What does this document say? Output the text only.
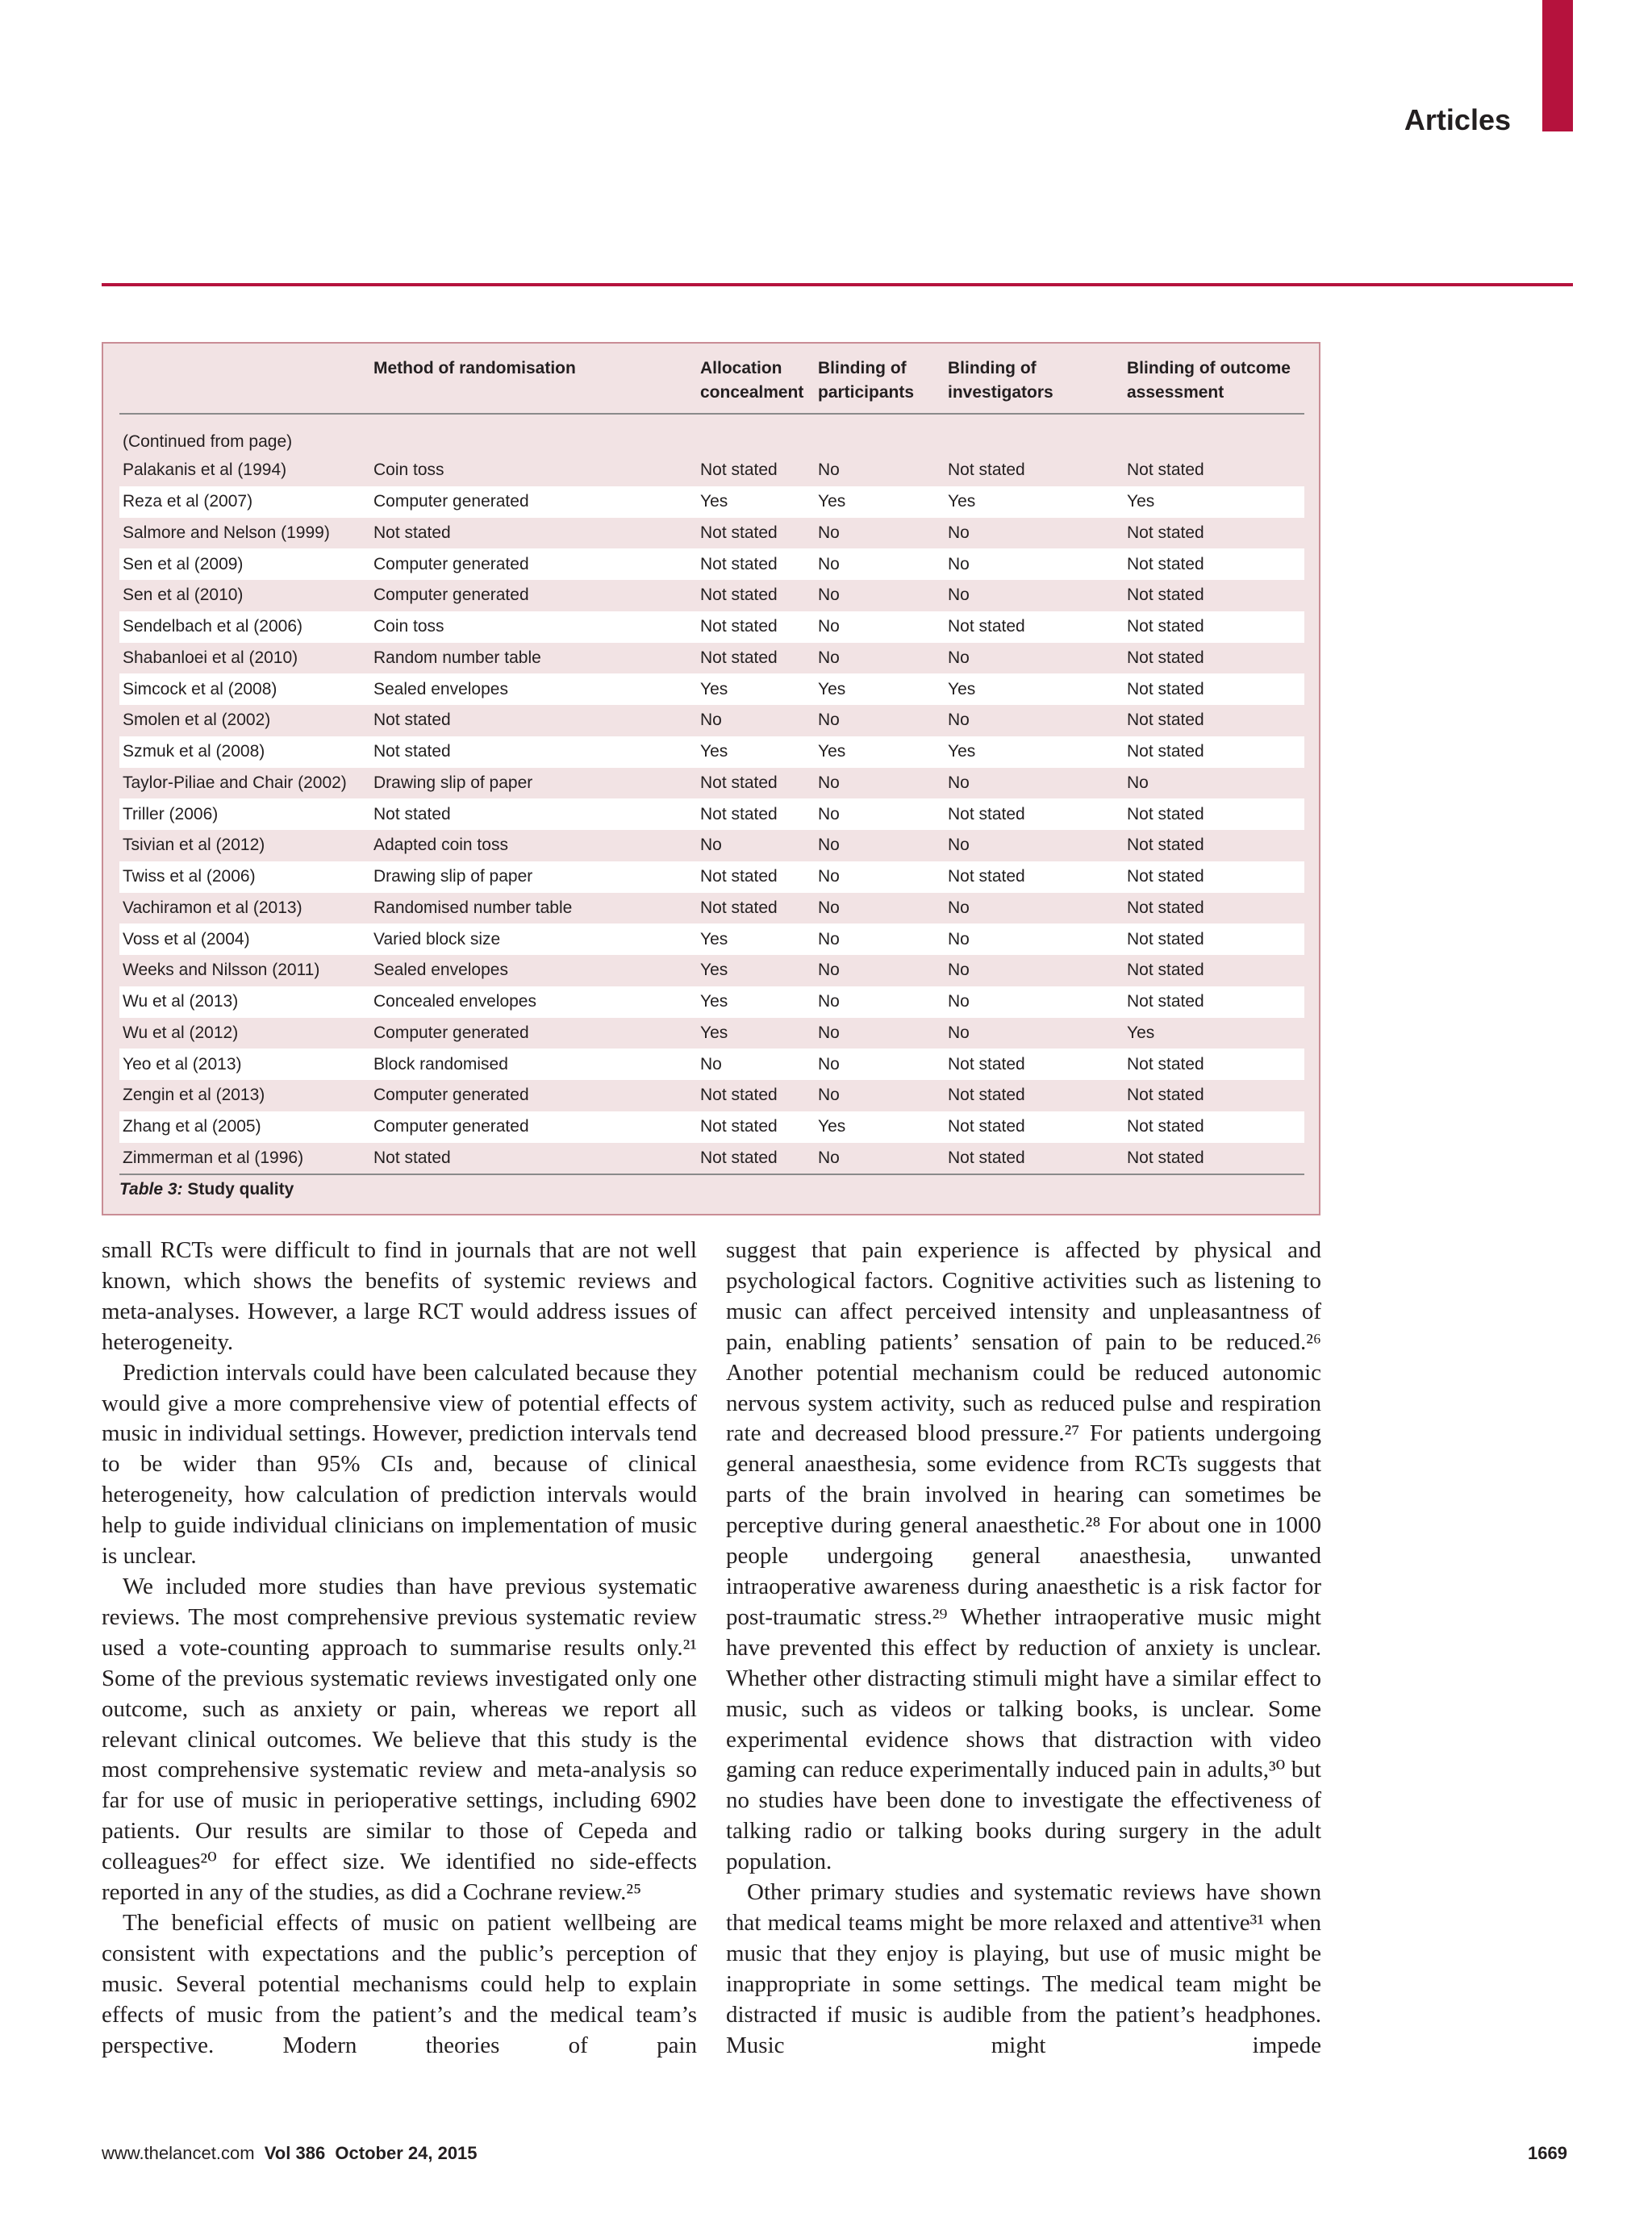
Articles
	Method of randomisation	Allocation concealment	Blinding of participants	Blinding of investigators	Blinding of outcome assessment
(Continued from page)					
Palakanis et al (1994)	Coin toss	Not stated	No	Not stated	Not stated
Reza et al (2007)	Computer generated	Yes	Yes	Yes	Yes
Salmore and Nelson (1999)	Not stated	Not stated	No	No	Not stated
Sen et al (2009)	Computer generated	Not stated	No	No	Not stated
Sen et al (2010)	Computer generated	Not stated	No	No	Not stated
Sendelbach et al (2006)	Coin toss	Not stated	No	Not stated	Not stated
Shabanloei et al (2010)	Random number table	Not stated	No	No	Not stated
Simcock et al (2008)	Sealed envelopes	Yes	Yes	Yes	Not stated
Smolen et al (2002)	Not stated	No	No	No	Not stated
Szmuk et al (2008)	Not stated	Yes	Yes	Yes	Not stated
Taylor-Piliae and Chair (2002)	Drawing slip of paper	Not stated	No	No	No
Triller (2006)	Not stated	Not stated	No	Not stated	Not stated
Tsivian et al (2012)	Adapted coin toss	No	No	No	Not stated
Twiss et al (2006)	Drawing slip of paper	Not stated	No	Not stated	Not stated
Vachiramon et al (2013)	Randomised number table	Not stated	No	No	Not stated
Voss et al (2004)	Varied block size	Yes	No	No	Not stated
Weeks and Nilsson (2011)	Sealed envelopes	Yes	No	No	Not stated
Wu et al (2013)	Concealed envelopes	Yes	No	No	Not stated
Wu et al (2012)	Computer generated	Yes	No	No	Yes
Yeo et al (2013)	Block randomised	No	No	Not stated	Not stated
Zengin et al (2013)	Computer generated	Not stated	No	Not stated	Not stated
Zhang et al (2005)	Computer generated	Not stated	Yes	Not stated	Not stated
Zimmerman et al (1996)	Not stated	Not stated	No	Not stated	Not stated
Table 3: Study quality

small RCTs were difficult to find in journals that are not well known, which shows the benefits of systemic reviews and meta-analyses. However, a large RCT would address issues of heterogeneity.

Prediction intervals could have been calculated because they would give a more comprehensive view of potential effects of music in individual settings. However, prediction intervals tend to be wider than 95% CIs and, because of clinical heterogeneity, how calculation of prediction intervals would help to guide individual clinicians on implementation of music is unclear.

We included more studies than have previous systematic reviews. The most comprehensive previous systematic review used a vote-counting approach to summarise results only.²¹ Some of the previous systematic reviews investigated only one outcome, such as anxiety or pain, whereas we report all relevant clinical outcomes. We believe that this study is the most comprehensive systematic review and meta-analysis so far for use of music in perioperative settings, including 6902 patients. Our results are similar to those of Cepeda and colleagues²⁰ for effect size. We identified no side-effects reported in any of the studies, as did a Cochrane review.²⁵

The beneficial effects of music on patient wellbeing are consistent with expectations and the public’s perception of music. Several potential mechanisms could help to explain effects of music from the patient’s and the medical team’s perspective. Modern theories of pain

suggest that pain experience is affected by physical and psychological factors. Cognitive activities such as listening to music can affect perceived intensity and unpleasantness of pain, enabling patients’ sensation of pain to be reduced.²⁶ Another potential mechanism could be reduced autonomic nervous system activity, such as reduced pulse and respiration rate and decreased blood pressure.²⁷ For patients undergoing general anaesthesia, some evidence from RCTs suggests that parts of the brain involved in hearing can sometimes be perceptive during general anaesthetic.²⁸ For about one in 1000 people undergoing general anaesthesia, unwanted intraoperative awareness during anaesthetic is a risk factor for post-traumatic stress.²⁹ Whether intraoperative music might have prevented this effect by reduction of anxiety is unclear. Whether other distracting stimuli might have a similar effect to music, such as videos or talking books, is unclear. Some experimental evidence shows that distraction with video gaming can reduce experimentally induced pain in adults,³⁰ but no studies have been done to investigate the effectiveness of talking radio or talking books during surgery in the adult population.

Other primary studies and systematic reviews have shown that medical teams might be more relaxed and attentive³¹ when music that they enjoy is playing, but use of music might be inappropriate in some settings. The medical team might be distracted if music is audible from the patient’s headphones. Music might impede

www.thelancet.com Vol 386 October 24, 2015	1669
